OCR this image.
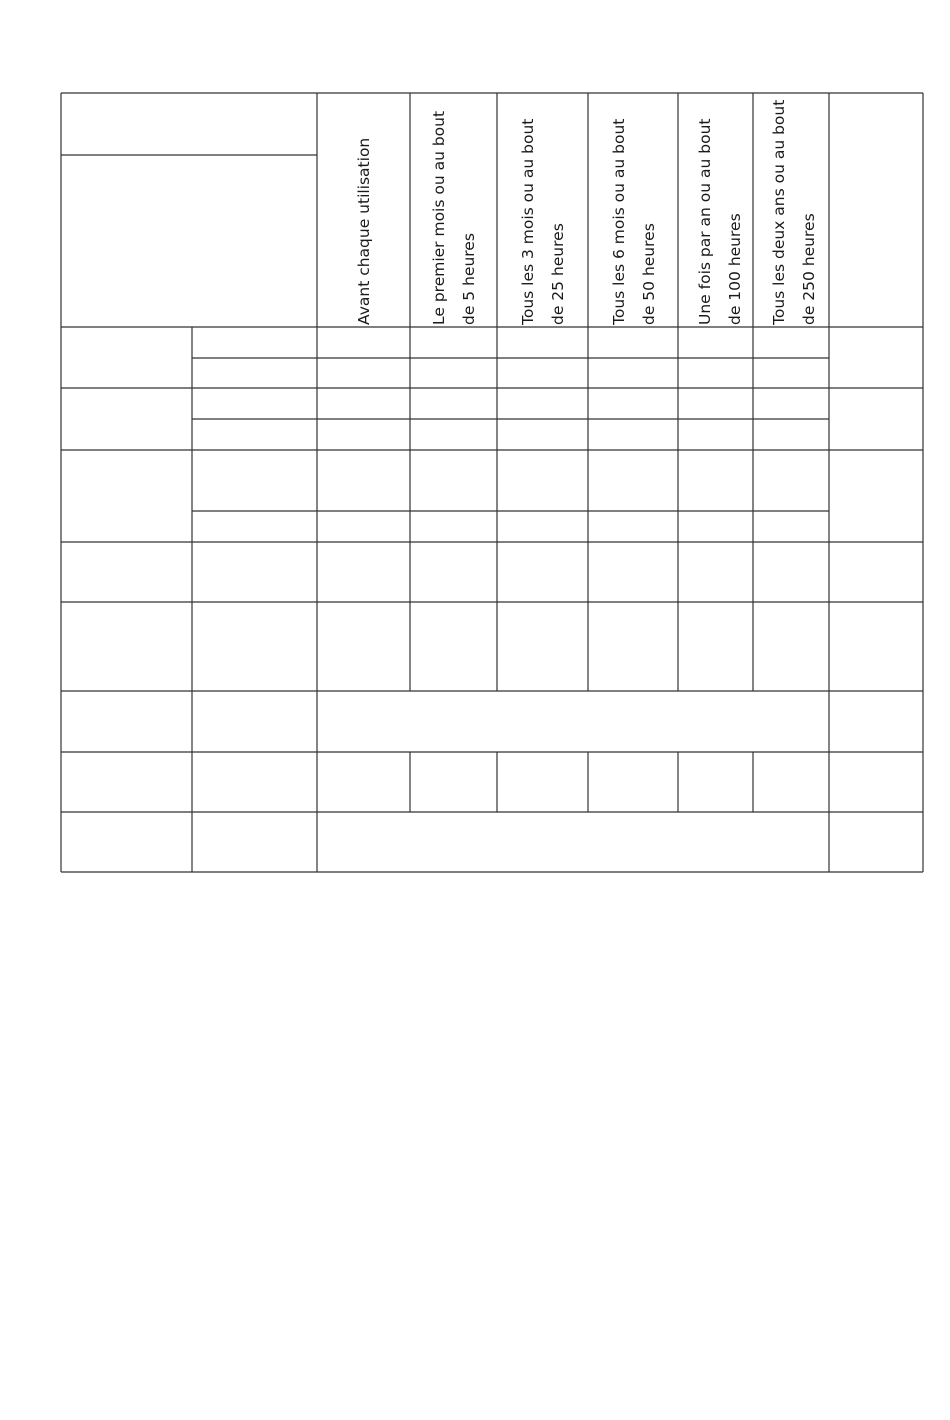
Avant chaque utilisation	Le premier mois ou au bout de 5 heures	Tous les 3 mois ou au bout de 25 heures	Tous les 6 mois ou au bout de 50 heures	Une fois par an ou au bout de 100 heures	Tous les deux ans ou au bout de 250 heures
